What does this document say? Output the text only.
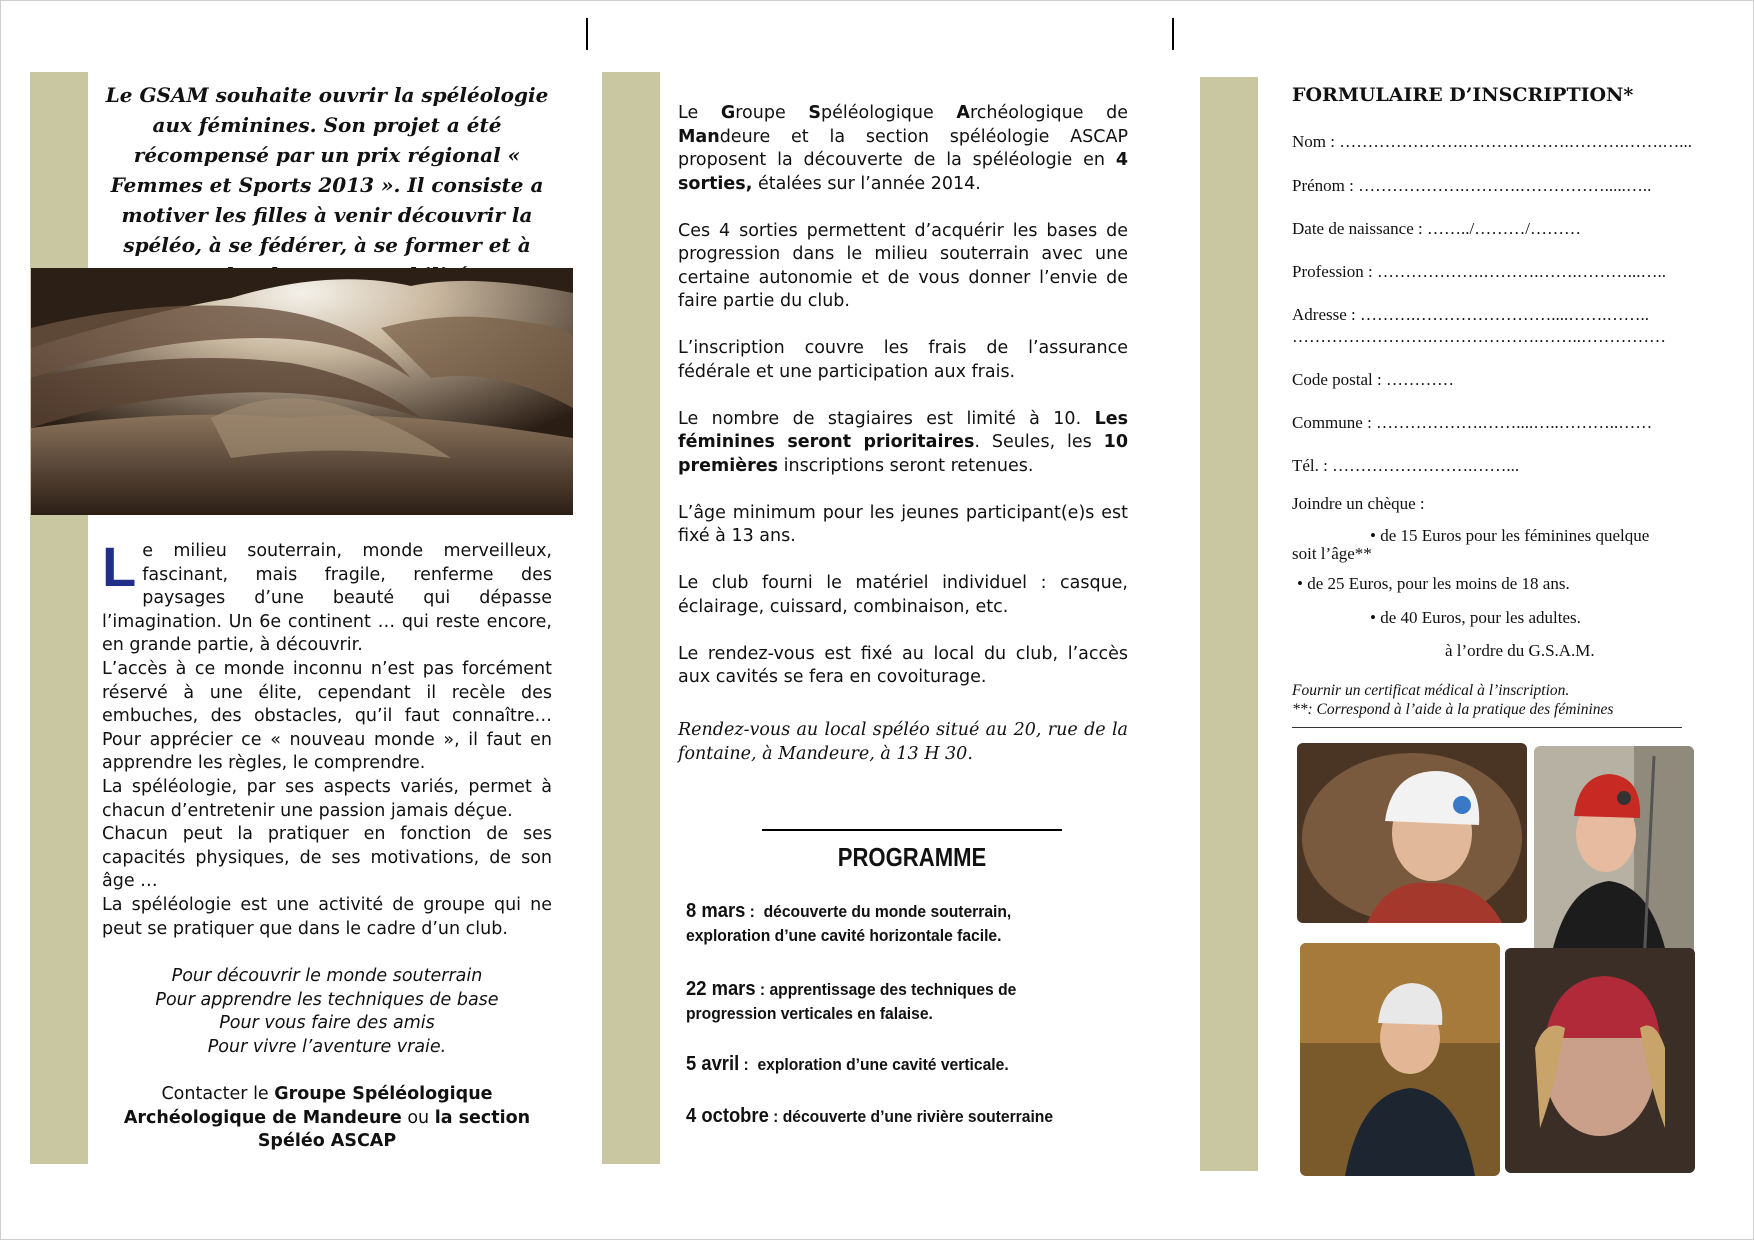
Le GSAM souhaite ouvrir la spéléologie aux féminines. Son projet a été récompensé par un prix régional « Femmes et Sports 2013 ». Il consiste a motiver les filles à venir découvrir la spéléo, à se fédérer, à se former et à

Le milieu souterrain, monde merveilleux, fascinant, mais fragile, renferme des paysages d’une beauté qui dépasse l’imagination. Un 6e continent … qui reste encore, en grande partie, à découvrir.

L’accès à ce monde inconnu n’est pas forcément réservé à une élite, cependant il recèle des embuches, des obstacles, qu’il faut connaître… Pour apprécier ce « nouveau monde », il faut en apprendre les règles, le comprendre.

La spéléologie, par ses aspects variés, permet à chacun d’entretenir une passion jamais déçue.

Chacun peut la pratiquer en fonction de ses capacités physiques, de ses motivations, de son âge …

La spéléologie est une activité de groupe qui ne peut se pratiquer que dans le cadre d’un club.

Pour découvrir le monde souterrain
Pour apprendre les techniques de base
Pour vous faire des amis
Pour vivre l’aventure vraie.
Contacter le Groupe Spéléologique Archéologique de Mandeure ou la section Spéléo ASCAP

Le Groupe Spéléologique Archéologique de Mandeure et la section spéléologie ASCAP proposent la découverte de la spéléologie en 4 sorties, étalées sur l’année 2014.

Ces 4 sorties permettent d’acquérir les bases de progression dans le milieu souterrain avec une certaine autonomie et de vous donner l’envie de faire partie du club.

L’inscription couvre les frais de l’assurance fédérale et une participation aux frais.

Le nombre de stagiaires est limité à 10. Les féminines seront prioritaires. Seules, les 10 premières inscriptions seront retenues.

L’âge minimum pour les jeunes participant(e)s est fixé à 13 ans.

Le club fourni le matériel individuel : casque, éclairage, cuissard, combinaison, etc.

Le rendez-vous est fixé au local du club, l’accès aux cavités se fera en covoiturage.

Rendez-vous au local spéléo situé au 20, rue de la fontaine, à Mandeure, à 13 H 30.
PROGRAMME
8 mars :  découverte du monde souterrain, exploration d’une cavité horizontale facile.
22 mars : apprentissage des techniques de progression verticales en falaise.
5 avril :  exploration d’une cavité verticale.
4 octobre : découverte d’une rivière souterraine
FORMULAIRE D’INSCRIPTION*
Nom : ………………….……………….……….…….…...
Prénom : ……………….……….…………….....…..
Date de naissance : ……../………/………
Profession : ……………….……….…….………...…..
Adresse : ……….……………………....…….……..
…………………….……………….……..……………
Code postal : …………
Commune : ……………….……....…..………..……
Tél. : …………………….……...
Joindre un chèque :
• de 15 Euros pour les féminines quelque
soit l’âge**
• de 25 Euros, pour les moins de 18 ans.
• de 40 Euros, pour les adultes.
à l’ordre du G.S.A.M.
Fournir un certificat médical à l’inscription.
**: Correspond à l’aide à la pratique des féminines
